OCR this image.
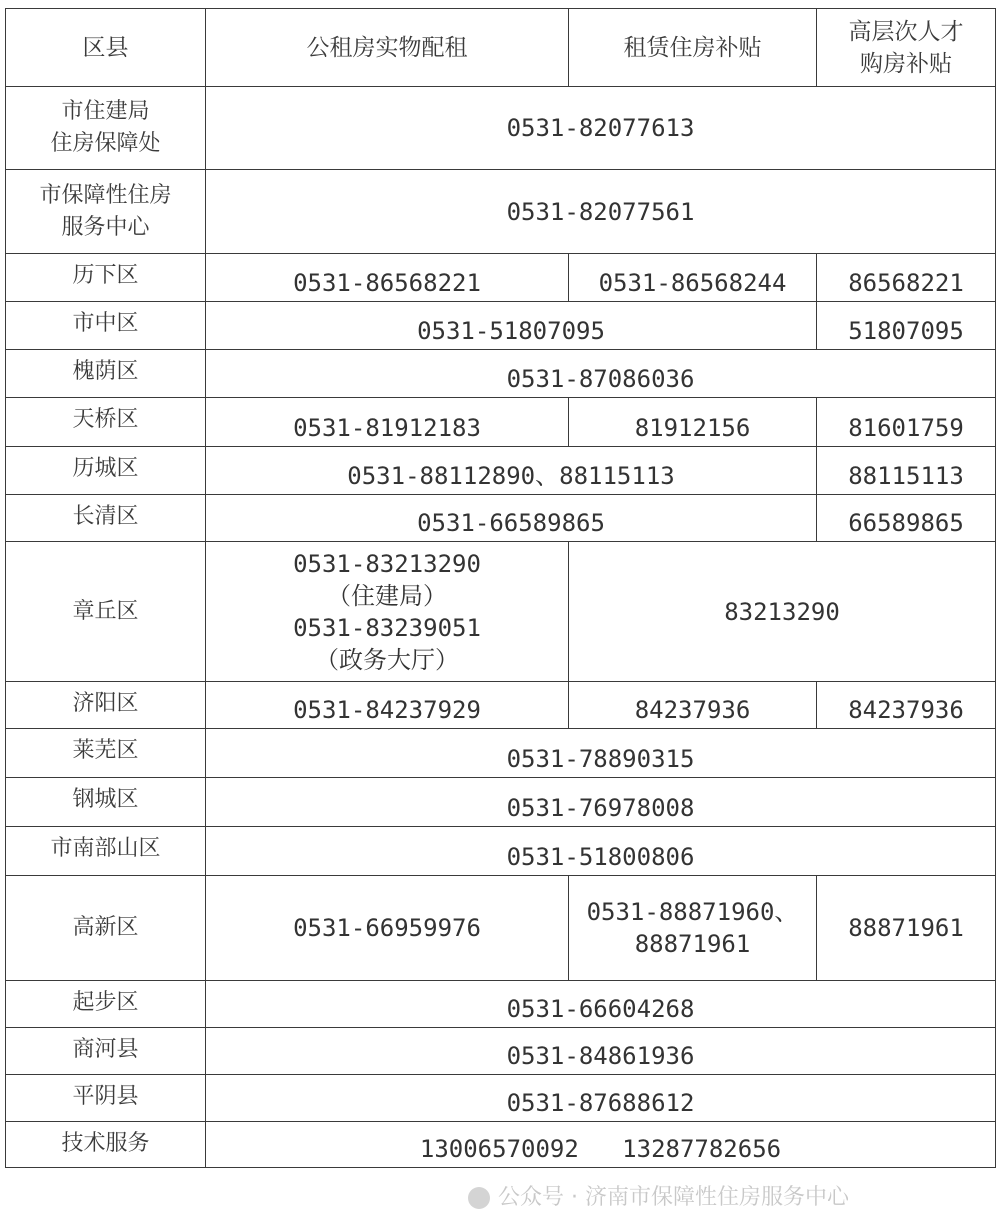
区县	公租房实物配租	租赁住房补贴	高层次人才
购房补贴

市住建局
住房保障处	0531-82077613		

市保障性住房
服务中心	0531-82077561		
历下区	0531-86568221	0531-86568244	86568221
市中区	0531-51807095		51807095
槐荫区	0531-87086036		
天桥区	0531-81912183	81912156	81601759
历城区	0531-88112890、88115113		88115113
长清区	0531-66589865		66589865
章丘区	0531-83213290
（住建局）
0531-83239051
（政务大厅）	83213290	
济阳区	0531-84237929	84237936	84237936
莱芜区	0531-78890315		
钢城区	0531-76978008		
市南部山区	0531-51800806		
高新区	0531-66959976	0531-88871960、
88871961	88871961
起步区	0531-66604268		
商河县	0531-84861936		
平阴县	0531-87688612		
技术服务	13006570092   13287782656		
公众号 · 济南市保障性住房服务中心
